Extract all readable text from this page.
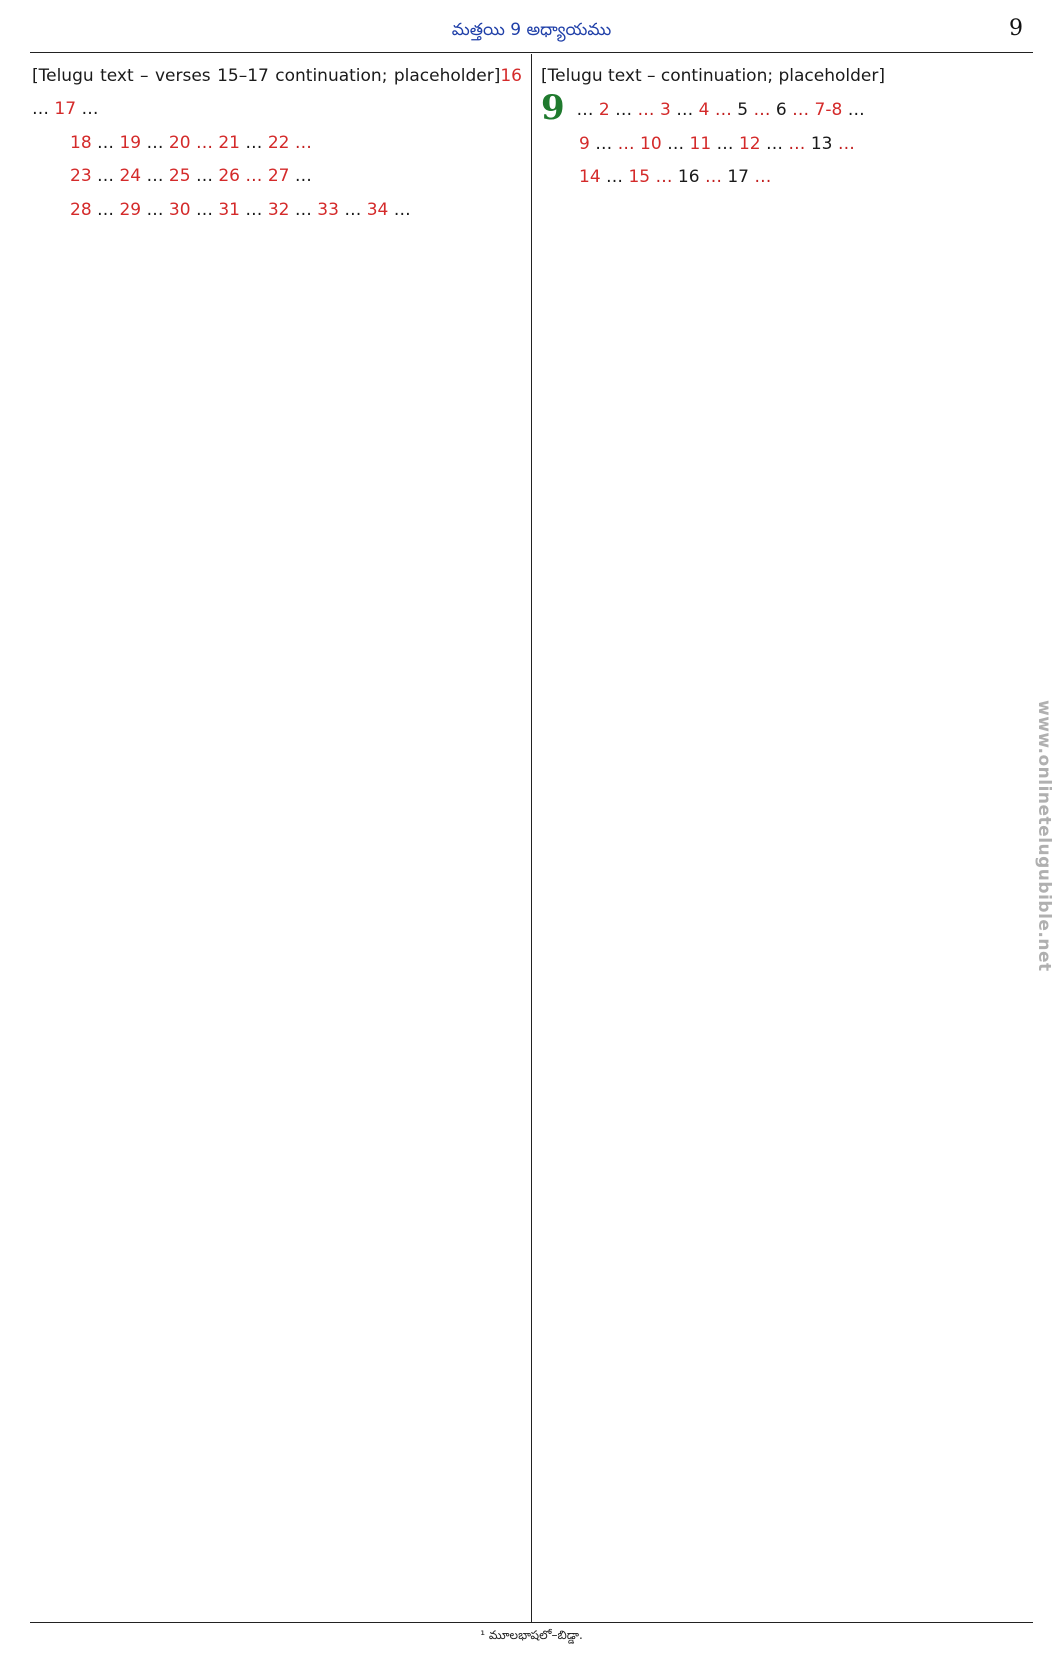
మత్తయి 9 అధ్యాయము	9

[Telugu text – verses 15–17 continuation; placeholder]16 … 17 …

18 … 19 … 20 … 21 … 22 …

23 … 24 … 25 … 26 … 27 …

28 … 29 … 30 … 31 … 32 … 33 … 34 …

[Telugu text – continuation; placeholder]

9 … 2 … … 3 … 4 … 5 … 6 … 7-8 …

9 … … 10 … 11 … 12 … … 13 …

14 … 15 … 16 … 17 …

¹ మూలభాషలో–బిడ్డా.
www.onlinetelugubible.net
